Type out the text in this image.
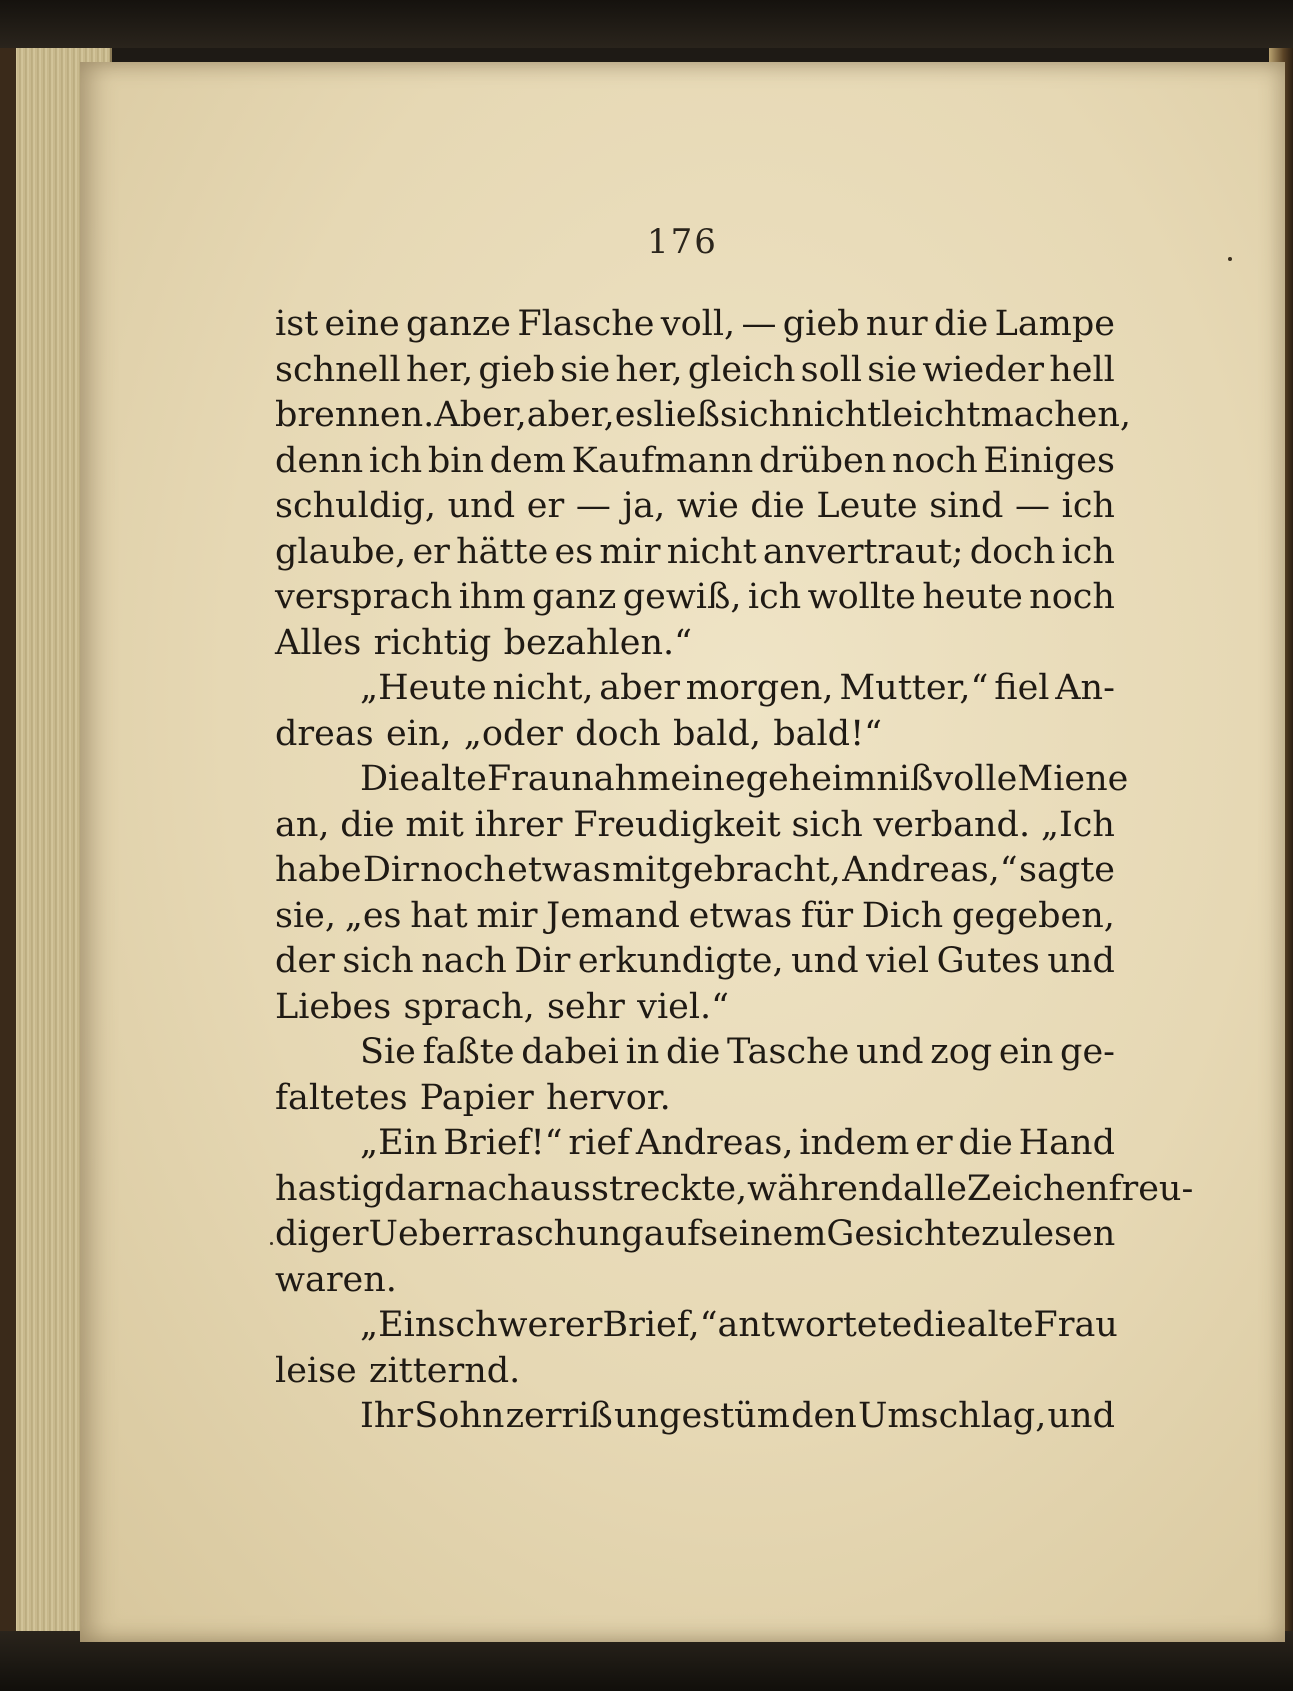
176
ist eine ganze Flasche voll, — gieb nur die Lampe
schnell her, gieb sie her, gleich soll sie wieder hell
brennen. Aber, aber, es ließ sich nicht leicht machen,
denn ich bin dem Kaufmann drüben noch Einiges
schuldig, und er — ja, wie die Leute sind — ich
glaube, er hätte es mir nicht anvertraut; doch ich
versprach ihm ganz gewiß, ich wollte heute noch
Alles richtig bezahlen.“
„Heute nicht, aber morgen, Mutter,“ fiel An-
dreas ein, „oder doch bald, bald!“
Die alte Frau nahm eine geheimnißvolle Miene
an, die mit ihrer Freudigkeit sich verband. „Ich
habe Dir noch etwas mitgebracht, Andreas,“ sagte
sie, „es hat mir Jemand etwas für Dich gegeben,
der sich nach Dir erkundigte, und viel Gutes und
Liebes sprach, sehr viel.“
Sie faßte dabei in die Tasche und zog ein ge-
faltetes Papier hervor.
„Ein Brief!“ rief Andreas, indem er die Hand
hastig darnach ausstreckte, während alle Zeichen freu-
diger Ueberraschung auf seinem Gesichte zu lesen
waren.
„Ein schwerer Brief,“ antwortete die alte Frau
leise zitternd.
Ihr Sohn zerriß ungestüm den Umschlag, und
